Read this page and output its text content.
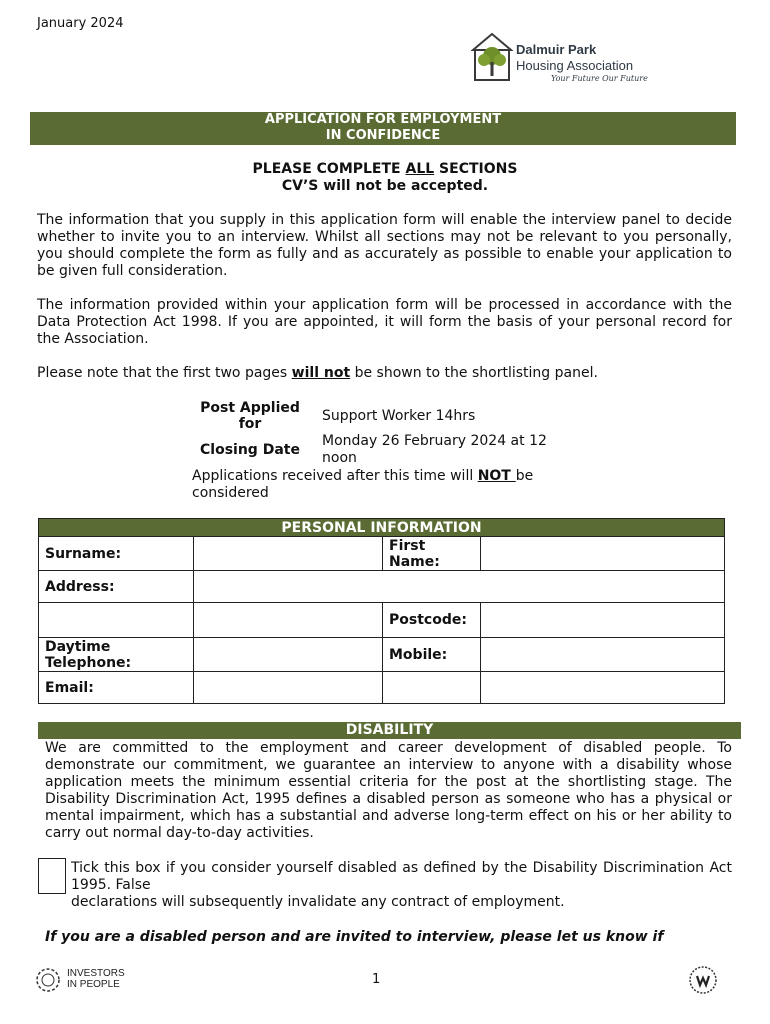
January 2024
Dalmuir Park
Housing Association
Your Future Our Future
APPLICATION FOR EMPLOYMENT
IN CONFIDENCE
PLEASE COMPLETE ALL SECTIONS
CV’S will not be accepted.
The information that you supply in this application form will enable the interview panel to decide whether to invite you to an interview. Whilst all sections may not be relevant to you personally, you should complete the form as fully and as accurately as possible to enable your application to be given full consideration.
The information provided within your application form will be processed in accordance with the Data Protection Act 1998. If you are appointed, it will form the basis of your personal record for the Association.
Please note that the first two pages will not be shown to the shortlisting panel.
Post Applied for	Support Worker 14hrs
Closing Date
Monday 26 February 2024 at 12 noon
Applications received after this time will NOT be considered
PERSONAL INFORMATION			
Surname:		First Name:	
Address:			
		Postcode:	
Daytime Telephone:		Mobile:	
Email:			
DISABILITY
We are committed to the employment and career development of disabled people. To demonstrate our commitment, we guarantee an interview to anyone with a disability whose application meets the minimum essential criteria for the post at the shortlisting stage. The Disability Discrimination Act, 1995 defines a disabled person as someone who has a physical or mental impairment, which has a substantial and adverse long-term effect on his or her ability to carry out normal day-to-day activities.
Tick this box if you consider yourself disabled as defined by the Disability Discrimination Act 1995. False
declarations will subsequently invalidate any contract of employment.
If you are a disabled person and are invited to interview, please let us know if
INVESTORS
IN PEOPLE	1
